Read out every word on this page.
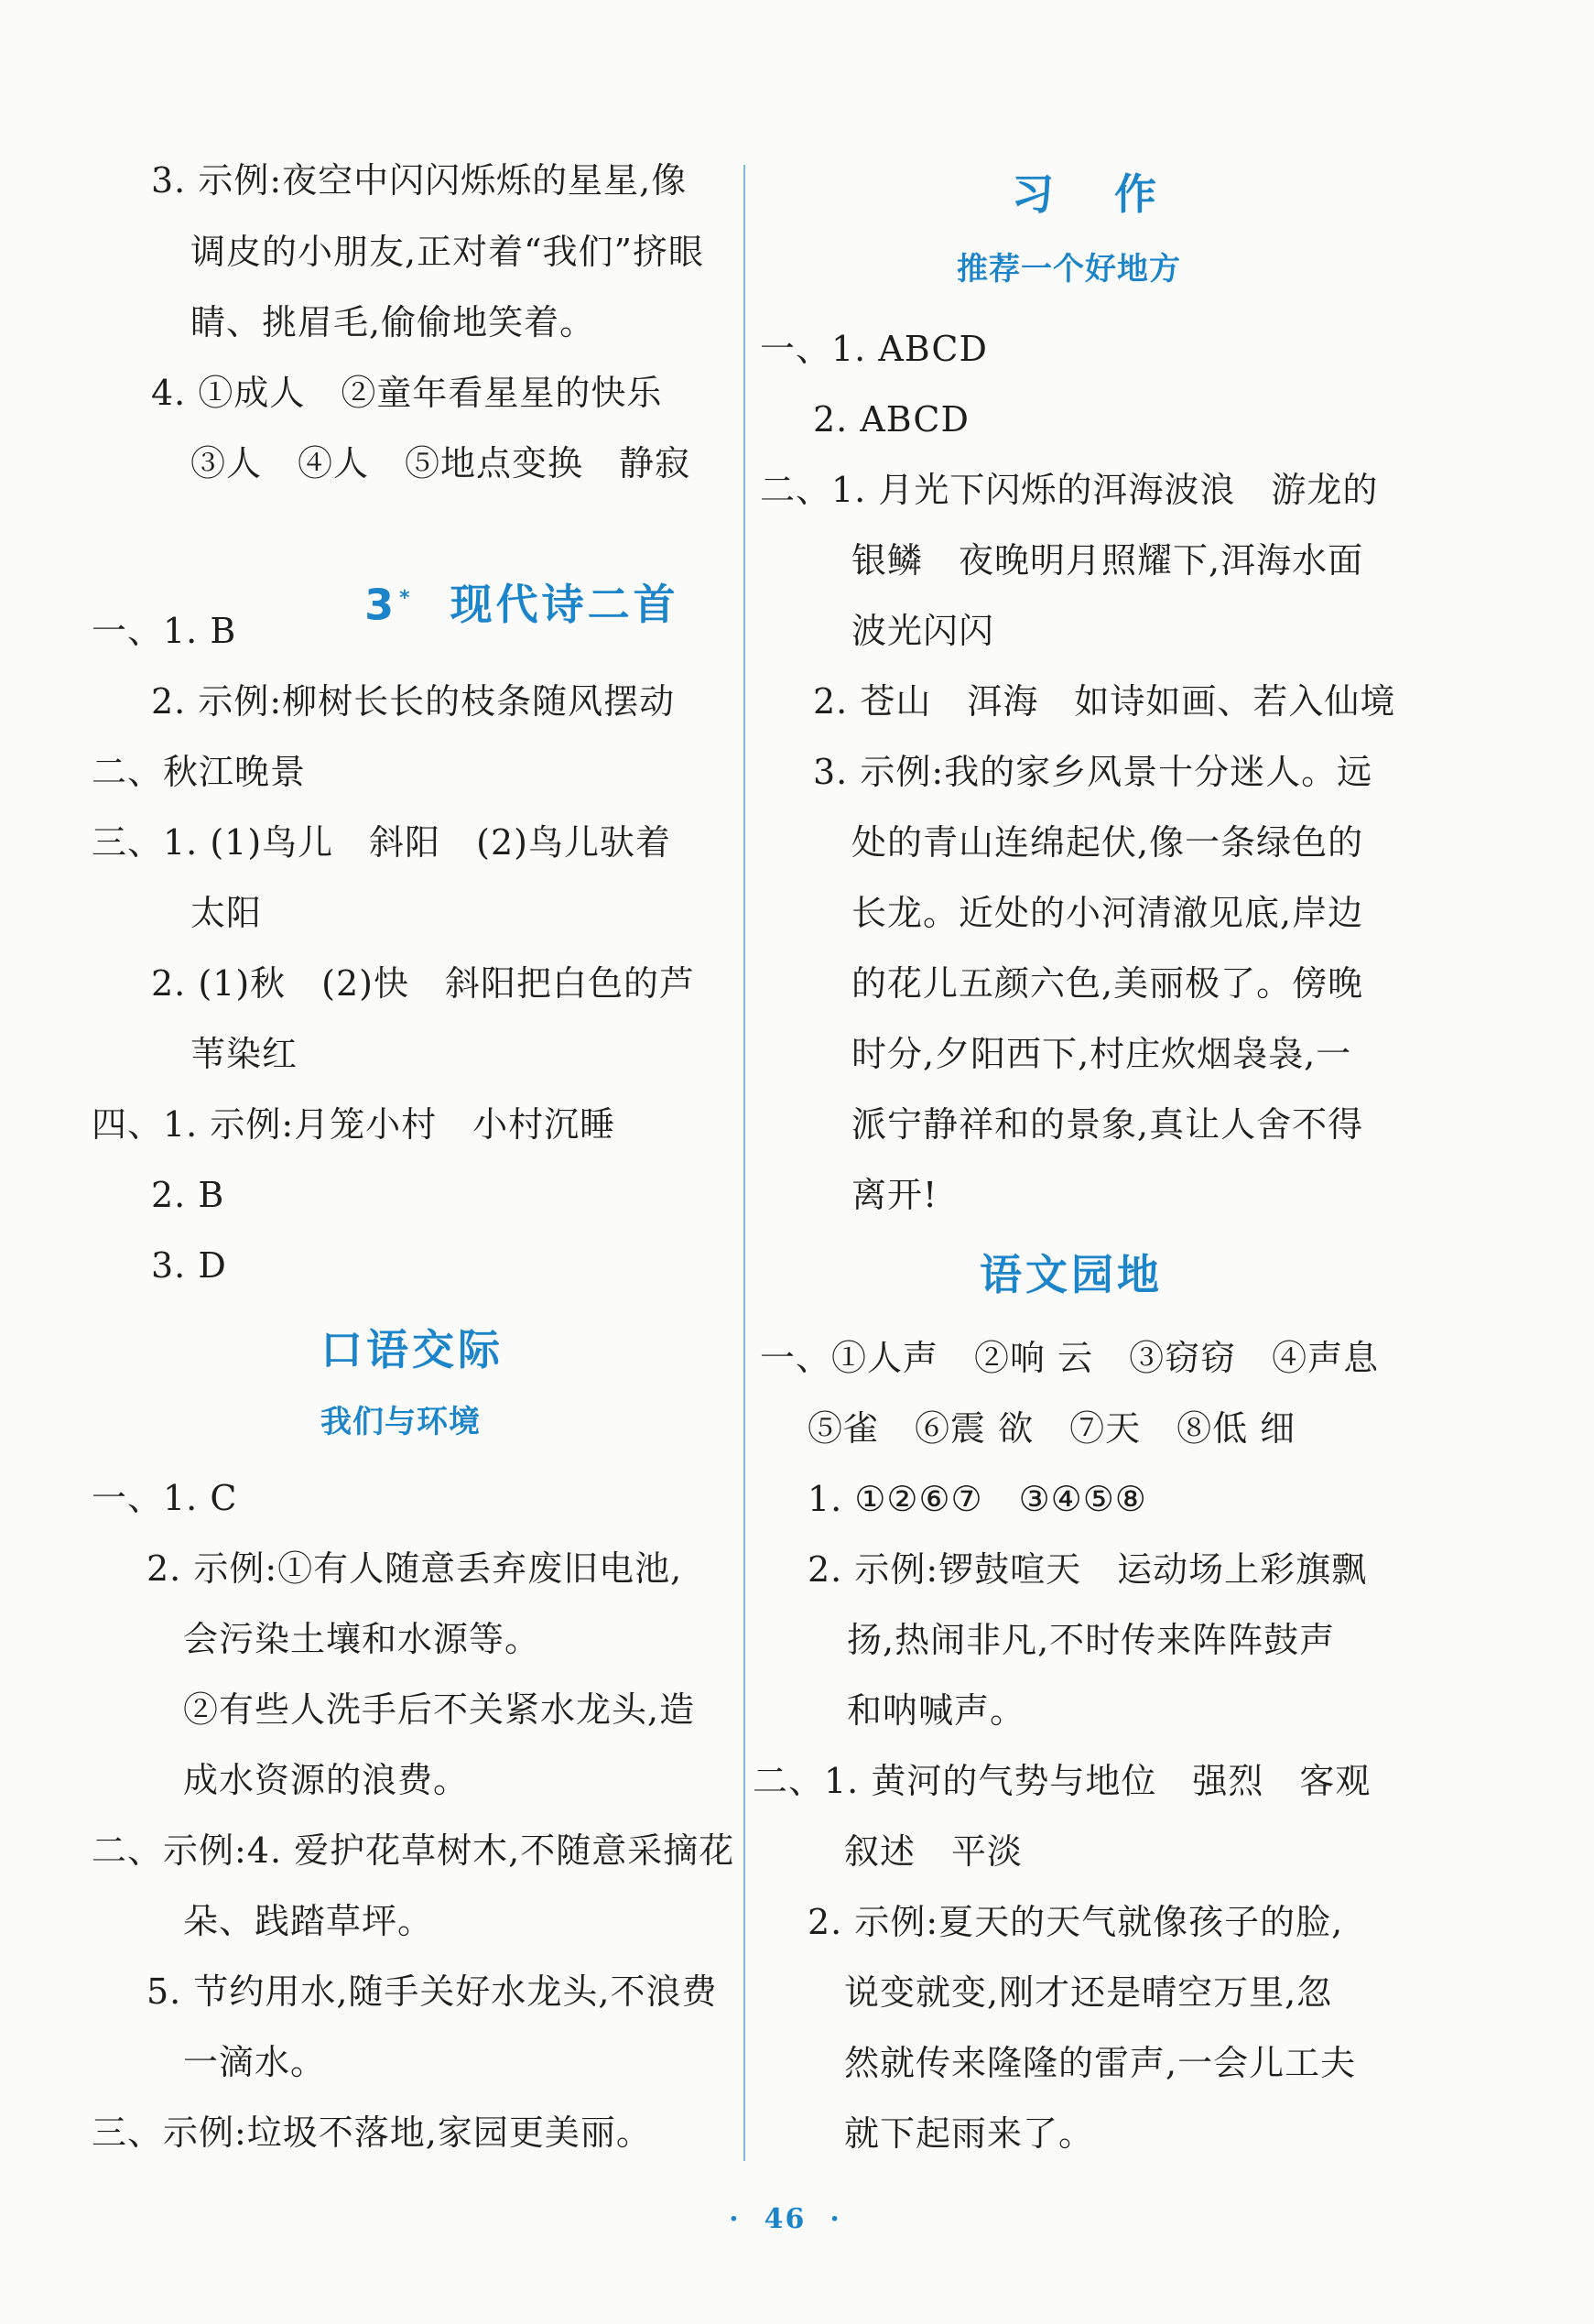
3. 示例:夜空中闪闪烁烁的星星,像
调皮的小朋友,正对着“我们”挤眼
睛、挑眉毛,偷偷地笑着。
4. ①成人　②童年看星星的快乐
③人　④人　⑤地点变换　静寂

3* 现代诗二首

一、1. B
2. 示例:柳树长长的枝条随风摆动
二、秋江晚景
三、1. (1)鸟儿　斜阳　(2)鸟儿驮着
太阳
2. (1)秋　(2)快　斜阳把白色的芦
苇染红
四、1. 示例:月笼小村　小村沉睡
2. B
3. D
口语交际
我们与环境
一、1. C
2. 示例:①有人随意丢弃废旧电池,
会污染土壤和水源等。
②有些人洗手后不关紧水龙头,造
成水资源的浪费。
二、示例:4. 爱护花草树木,不随意采摘花
朵、践踏草坪。
5. 节约用水,随手关好水龙头,不浪费
一滴水。
三、示例:垃圾不落地,家园更美丽。
习　作
推荐一个好地方
一、1. ABCD
2. ABCD
二、1. 月光下闪烁的洱海波浪　游龙的
银鳞　夜晚明月照耀下,洱海水面
波光闪闪
2. 苍山　洱海　如诗如画、若入仙境
3. 示例:我的家乡风景十分迷人。远
处的青山连绵起伏,像一条绿色的
长龙。近处的小河清澈见底,岸边
的花儿五颜六色,美丽极了。傍晚
时分,夕阳西下,村庄炊烟袅袅,一
派宁静祥和的景象,真让人舍不得
离开!
语文园地
一、①人声　②响 云　③窃窃　④声息
⑤雀　⑥震 欲　⑦天　⑧低 细
1. ①②⑥⑦　③④⑤⑧
2. 示例:锣鼓喧天　运动场上彩旗飘
扬,热闹非凡,不时传来阵阵鼓声
和呐喊声。
二、1. 黄河的气势与地位　强烈　客观
叙述　平淡
2. 示例:夏天的天气就像孩子的脸,
说变就变,刚才还是晴空万里,忽
然就传来隆隆的雷声,一会儿工夫
就下起雨来了。
·46 ·
